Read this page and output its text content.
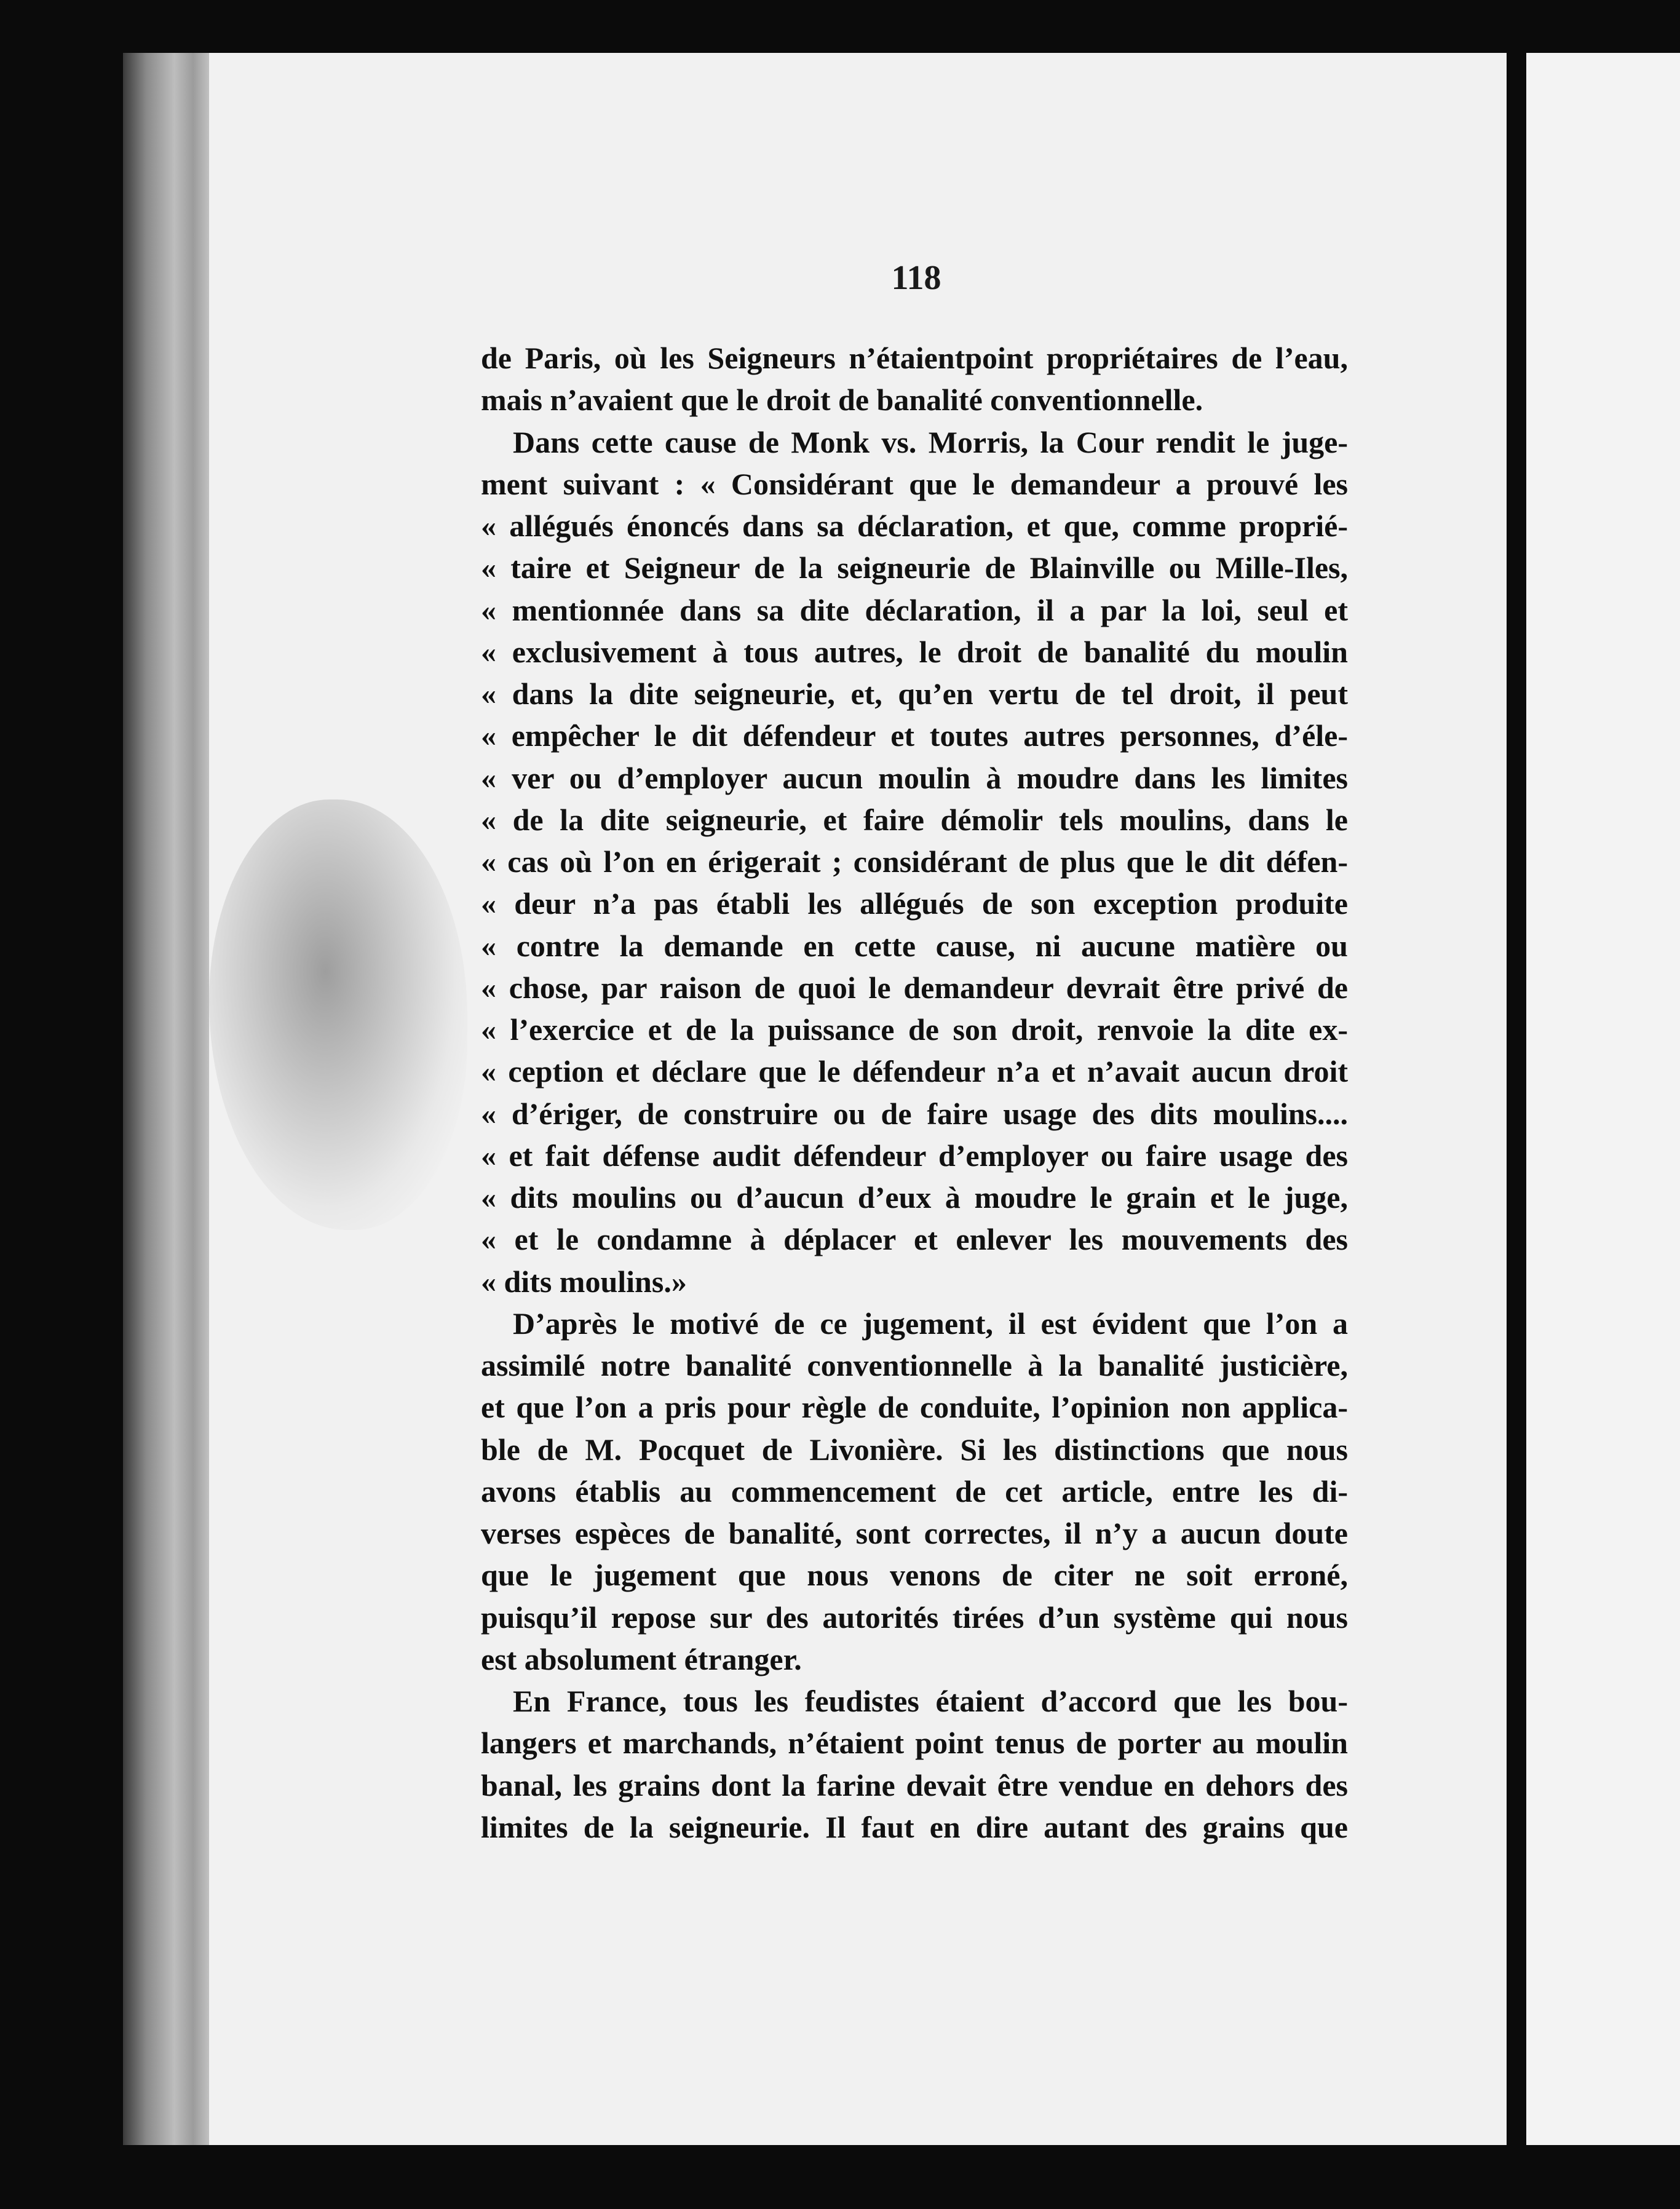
118
de Paris, où les Seigneurs n’étaientpoint propriétaires de l’eau,
mais n’avaient que le droit de banalité conventionnelle.
Dans cette cause de Monk vs. Morris, la Cour rendit le juge-
ment suivant : « Considérant que le demandeur a prouvé les
« allégués énoncés dans sa déclaration, et que, comme proprié-
« taire et Seigneur de la seigneurie de Blainville ou Mille-Iles,
« mentionnée dans sa dite déclaration, il a par la loi, seul et
« exclusivement à tous autres, le droit de banalité du moulin
« dans la dite seigneurie, et, qu’en vertu de tel droit, il peut
« empêcher le dit défendeur et toutes autres personnes, d’éle-
« ver ou d’employer aucun moulin à moudre dans les limites
« de la dite seigneurie, et faire démolir tels moulins, dans le
« cas où l’on en érigerait ; considérant de plus que le dit défen-
« deur n’a pas établi les allégués de son exception produite
« contre la demande en cette cause, ni aucune matière ou
« chose, par raison de quoi le demandeur devrait être privé de
« l’exercice et de la puissance de son droit, renvoie la dite ex-
« ception et déclare que le défendeur n’a et n’avait aucun droit
« d’ériger, de construire ou de faire usage des dits moulins....
« et fait défense audit défendeur d’employer ou faire usage des
« dits moulins ou d’aucun d’eux à moudre le grain et le juge,
« et le condamne à déplacer et enlever les mouvements des
« dits moulins.»
D’après le motivé de ce jugement, il est évident que l’on a
assimilé notre banalité conventionnelle à la banalité justicière,
et que l’on a pris pour règle de conduite, l’opinion non applica-
ble de M. Pocquet de Livonière. Si les distinctions que nous
avons établis au commencement de cet article, entre les di-
verses espèces de banalité, sont correctes, il n’y a aucun doute
que le jugement que nous venons de citer ne soit erroné,
puisqu’il repose sur des autorités tirées d’un système qui nous
est absolument étranger.
En France, tous les feudistes étaient d’accord que les bou-
langers et marchands, n’étaient point tenus de porter au moulin
banal, les grains dont la farine devait être vendue en dehors des
limites de la seigneurie. Il faut en dire autant des grains que
